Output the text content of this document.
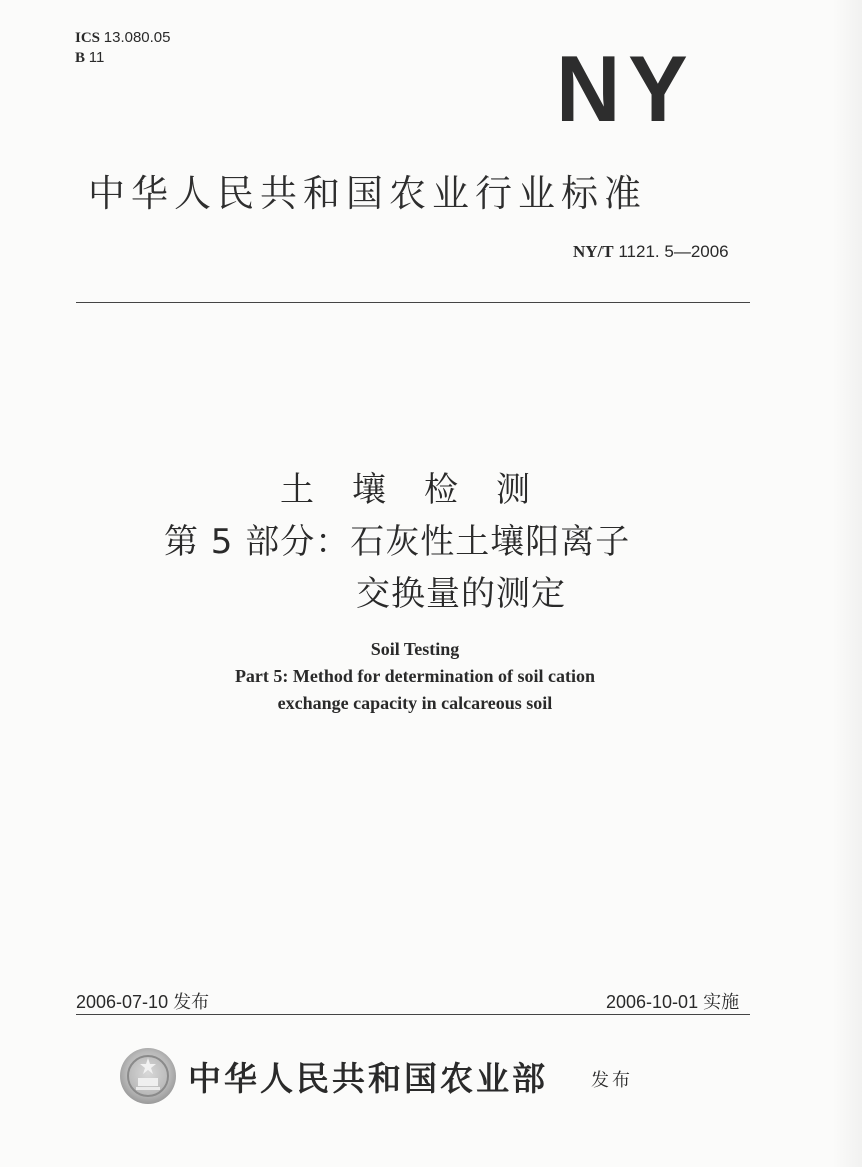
ICS 13.080.05
B 11	NY
中华人民共和国农业行业标准
NY/T 1121. 5—2006
土壤检测
第 5 部分：石灰性土壤阳离子
交换量的测定
Soil Testing
Part 5: Method for determination of soil cation
exchange capacity in calcareous soil
2006-07-10 发布	2006-10-01 实施
中华人民共和国农业部 发布
